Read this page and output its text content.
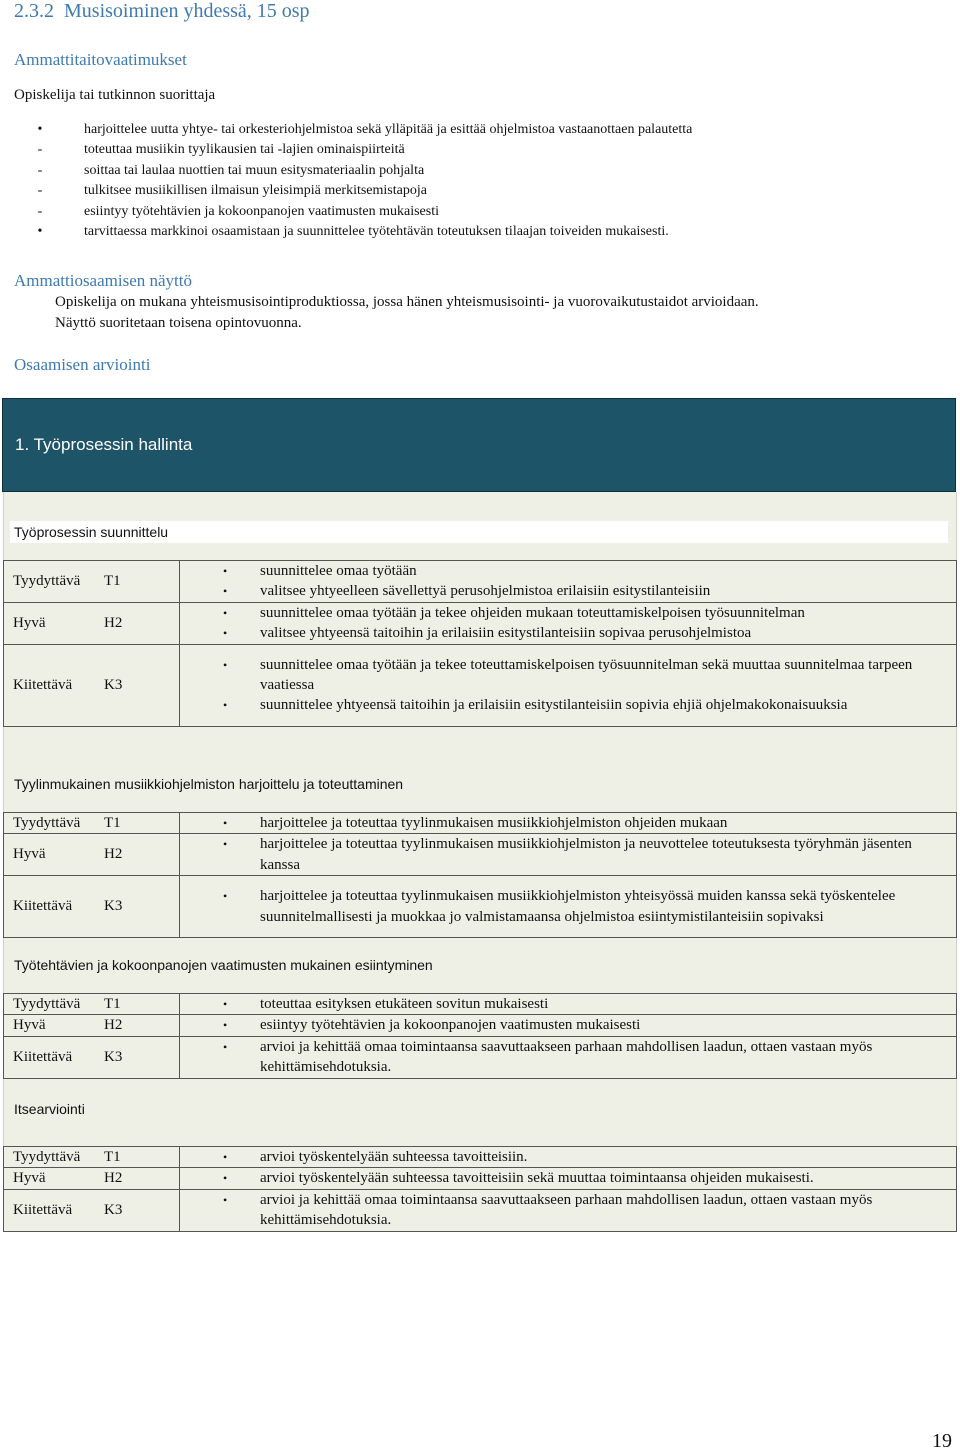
2.3.2 Musisoiminen yhdessä, 15 osp
Ammattitaitovaatimukset
Opiskelija tai tutkinnon suorittaja
•	harjoittelee uutta yhtye- tai orkesteriohjelmistoa sekä ylläpitää ja esittää ohjelmistoa vastaanottaen palautetta
-	toteuttaa musiikin tyylikausien tai -lajien ominaispiirteitä
-	soittaa tai laulaa nuottien tai muun esitysmateriaalin pohjalta
-	tulkitsee musiikillisen ilmaisun yleisimpiä merkitsemistapoja
-	esiintyy työtehtävien ja kokoonpanojen vaatimusten mukaisesti
•	tarvittaessa markkinoi osaamistaan ja suunnittelee työtehtävän toteutuksen tilaajan toiveiden mukaisesti.
Ammattiosaamisen näyttö
Opiskelija on mukana yhteismusisointiproduktiossa, jossa hänen yhteismusisointi- ja vuorovaikutustaidot arvioidaan.
Näyttö suoritetaan toisena opintovuonna.
Osaamisen arviointi
1. Työprosessin hallinta
Työprosessin suunnittelu
Tyydyttävä T1	• suunnittelee omaa työtään
• valitsee yhtyeelleen sävellettyä perusohjelmistoa erilaisiin esitystilanteisiin

Hyvä H2	• suunnittelee omaa työtään ja tekee ohjeiden mukaan toteuttamiskelpoisen työsuunnitelman
• valitsee yhtyeensä taitoihin ja erilaisiin esitystilanteisiin sopivaa perusohjelmistoa

Kiitettävä K3	• suunnittelee omaa työtään ja tekee toteuttamiskelpoisen työsuunnitelman sekä muuttaa suunnitelmaa tarpeen vaatiessa
• suunnittelee yhtyeensä taitoihin ja erilaisiin esitystilanteisiin sopivia ehjiä ohjelmakokonaisuuksia
Tyylinmukainen musiikkiohjelmiston harjoittelu ja toteuttaminen
Tyydyttävä T1	• harjoittelee ja toteuttaa tyylinmukaisen musiikkiohjelmiston ohjeiden mukaan

Hyvä H2	• harjoittelee ja toteuttaa tyylinmukaisen musiikkiohjelmiston ja neuvottelee toteutuksesta työryhmän jäsenten kanssa

Kiitettävä K3	• harjoittelee ja toteuttaa tyylinmukaisen musiikkiohjelmiston yhteisyössä muiden kanssa sekä työskentelee suunnitelmallisesti ja muokkaa jo valmistamaansa ohjelmistoa esiintymistilanteisiin sopivaksi
Työtehtävien ja kokoonpanojen vaatimusten mukainen esiintyminen
Tyydyttävä T1	• toteuttaa esityksen etukäteen sovitun mukaisesti

Hyvä H2	• esiintyy työtehtävien ja kokoonpanojen vaatimusten mukaisesti

Kiitettävä K3	• arvioi ja kehittää omaa toimintaansa saavuttaakseen parhaan mahdollisen laadun, ottaen vastaan myös kehittämisehdotuksia.
Itsearviointi
Tyydyttävä T1	• arvioi työskentelyään suhteessa tavoitteisiin.

Hyvä H2	• arvioi työskentelyään suhteessa tavoitteisiin sekä muuttaa toimintaansa ohjeiden mukaisesti.

Kiitettävä K3	• arvioi ja kehittää omaa toimintaansa saavuttaakseen parhaan mahdollisen laadun, ottaen vastaan myös kehittämisehdotuksia.
19
